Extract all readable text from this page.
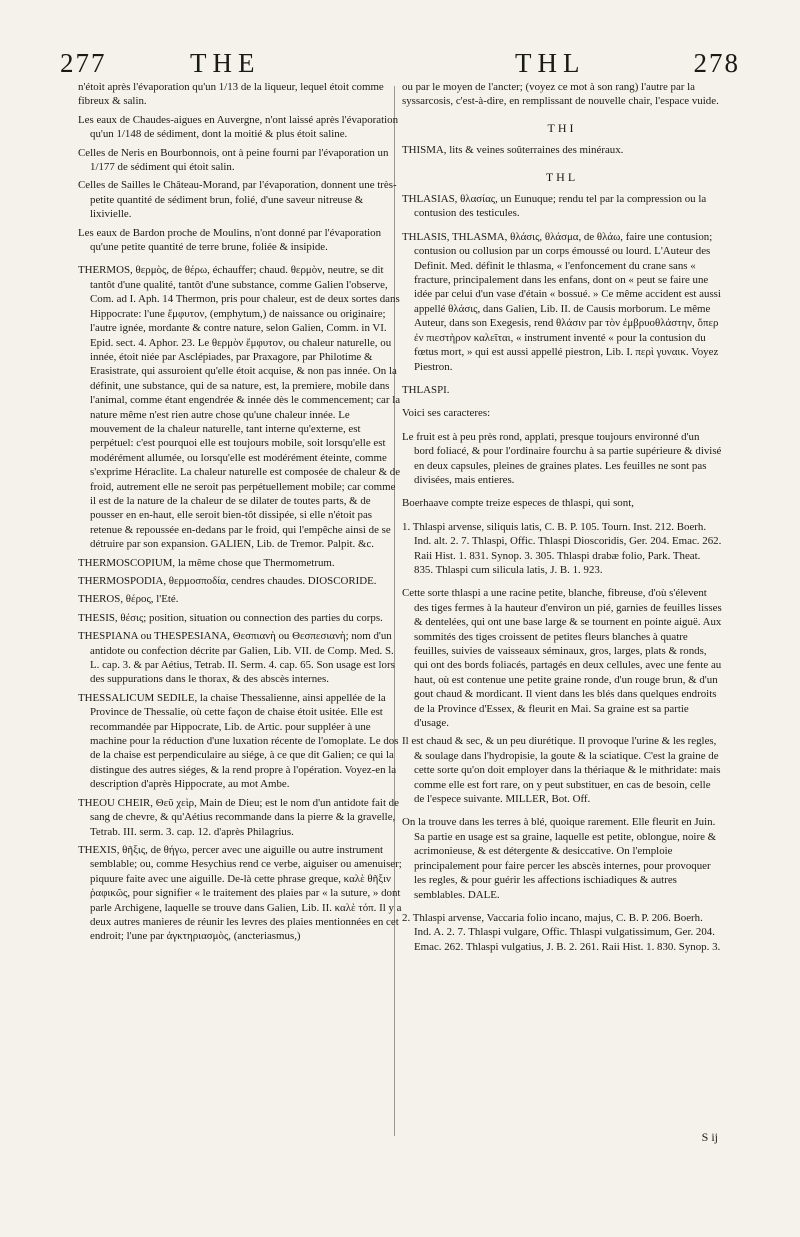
277	THE	THL	278

n'étoit après l'évaporation qu'un 1/13 de la liqueur, lequel étoit comme fibreux & salin.

Les eaux de Chaudes-aigues en Auvergne, n'ont laissé après l'évaporation qu'un 1/148 de sédiment, dont la moitié & plus étoit saline.

Celles de Neris en Bourbonnois, ont à peine fourni par l'évaporation un 1/177 de sédiment qui étoit salin.

Celles de Sailles le Château-Morand, par l'évaporation, donnent une très-petite quantité de sédiment brun, folié, d'une saveur nitreuse & lixivielle.

Les eaux de Bardon proche de Moulins, n'ont donné par l'évaporation qu'une petite quantité de terre brune, foliée & insipide.

THERMOS, θερμὸς, de θέρω, échauffer; chaud. θερμὸν, neutre, se dit tantôt d'une qualité, tantôt d'une substance, comme Galien l'observe, Com. ad I. Aph. 14 Thermon, pris pour chaleur, est de deux sortes dans Hippocrate: l'une ἔμφυτον, (emphytum,) de naissance ou originaire; l'autre ignée, mordante & contre nature, selon Galien, Comm. in VI. Epid. sect. 4. Aphor. 23. Le θερμὸν ἔμφυτον, ou chaleur naturelle, ou innée, étoit niée par Asclépiades, par Praxagore, par Philotime & Erasistrate, qui assuroient qu'elle étoit acquise, & non pas innée. On la définit, une substance, qui de sa nature, est, la premiere, mobile dans l'animal, comme étant engendrée & innée dès le commencement; car la nature même n'est rien autre chose qu'une chaleur innée. Le mouvement de la chaleur naturelle, tant interne qu'externe, est perpétuel: c'est pourquoi elle est toujours mobile, soit lorsqu'elle est modérément allumée, ou lorsqu'elle est modérément éteinte, comme s'exprime Héraclite. La chaleur naturelle est composée de chaleur & de froid, autrement elle ne seroit pas perpétuellement mobile; car comme il est de la nature de la chaleur de se dilater de toutes parts, & de pousser en en-haut, elle seroit bien-tôt dissipée, si elle n'étoit pas retenue & repoussée en-dedans par le froid, qui l'empêche ainsi de se détruire par son expansion. GALIEN, Lib. de Tremor. Palpit. &c.

THERMOSCOPIUM, la même chose que Thermometrum.

THERMOSPODIA, θερμοσποδία, cendres chaudes. DIOSCORIDE.

THEROS, θέρος, l'Eté.

THESIS, θέσις; position, situation ou connection des parties du corps.

THESPIANA ou THESPESIANA, Θεσπιανὴ ou Θεσπεσιανὴ; nom d'un antidote ou confection décrite par Galien, Lib. VII. de Comp. Med. S. L. cap. 3. & par Aétius, Tetrab. II. Serm. 4. cap. 65. Son usage est lors des suppurations dans le thorax, & des abscès internes.

THESSALICUM SEDILE, la chaise Thessalienne, ainsi appellée de la Province de Thessalie, où cette façon de chaise étoit usitée. Elle est recommandée par Hippocrate, Lib. de Artic. pour suppléer à une machine pour la réduction d'une luxation récente de l'omoplate. Le dos de la chaise est perpendiculaire au siége, à ce que dit Galien; ce qui la distingue des autres siéges, & la rend propre à l'opération. Voyez-en la description d'après Hippocrate, au mot Ambe.

THEOU CHEIR, Θεῦ χεὶρ, Main de Dieu; est le nom d'un antidote fait de sang de chevre, & qu'Aétius recommande dans la pierre & la gravelle, Tetrab. III. serm. 3. cap. 12. d'après Philagrius.

THEXIS, θῆξις, de θήγω, percer avec une aiguille ou autre instrument semblable; ou, comme Hesychius rend ce verbe, aiguiser ou amenuiser; piquure faite avec une aiguille. De-là cette phrase greque, καλὲ θῆξιν ῥαφικῶς, pour signifier « le traitement des plaies par « la suture, » dont parle Archigene, laquelle se trouve dans Galien, Lib. II. καλὲ τόπ. Il y a deux autres manieres de réunir les levres des plaies mentionnées en cet endroit; l'une par ἀγκτηριασμὸς, (ancteriasmus,)

ou par le moyen de l'ancter; (voyez ce mot à son rang) l'autre par la syssarcosis, c'est-à-dire, en remplissant de nouvelle chair, l'espace vuide.

THI

THISMA, lits & veines soûterraines des minéraux.

THL

THLASIAS, θλασίας, un Eunuque; rendu tel par la compression ou la contusion des testicules.

THLASIS, THLASMA, θλάσις, θλάσμα, de θλάω, faire une contusion; contusion ou collusion par un corps émoussé ou lourd. L'Auteur des Definit. Med. définit le thlasma, « l'enfoncement du crane sans « fracture, principalement dans les enfans, dont on « peut se faire une idée par celui d'un vase d'étain « bossué. » Ce même accident est aussi appellé θλάσις, dans Galien, Lib. II. de Causis morborum. Le même Auteur, dans son Exegesis, rend θλάσιν par τὸν ἐμβρυοθλάστην, ὅπερ ἐν πιεστὴρον καλεῖται, « instrument inventé « pour la contusion du fœtus mort, » qui est aussi appellé piestron, Lib. I. περὶ γυναικ. Voyez Piestron.

THLASPI.

Voici ses caracteres:

Le fruit est à peu près rond, applati, presque toujours environné d'un bord foliacé, & pour l'ordinaire fourchu à sa partie supérieure & divisé en deux capsules, pleines de graines plates. Les feuilles ne sont pas divisées, mais entieres.

Boerhaave compte treize especes de thlaspi, qui sont,

1. Thlaspi arvense, siliquis latis, C. B. P. 105. Tourn. Inst. 212. Boerh. Ind. alt. 2. 7. Thlaspi, Offic. Thlaspi Dioscoridis, Ger. 204. Emac. 262. Raii Hist. 1. 831. Synop. 3. 305. Thlaspi drabæ folio, Park. Theat. 835. Thlaspi cum silicula latis, J. B. 1. 923.

Cette sorte thlaspi a une racine petite, blanche, fibreuse, d'où s'élevent des tiges fermes à la hauteur d'environ un pié, garnies de feuilles lisses & dentelées, qui ont une base large & se tournent en pointe aiguë. Aux sommités des tiges croissent de petites fleurs blanches à quatre feuilles, suivies de vaisseaux séminaux, gros, larges, plats & ronds, qui ont des bords foliacés, partagés en deux cellules, avec une fente au haut, où est contenue une petite graine ronde, d'un rouge brun, & d'un gout chaud & mordicant. Il vient dans les blés dans quelques endroits de la Province d'Essex, & fleurit en Mai. Sa graine est sa partie d'usage.

Il est chaud & sec, & un peu diurétique. Il provoque l'urine & les regles, & soulage dans l'hydropisie, la goute & la sciatique. C'est la graine de cette sorte qu'on doit employer dans la thériaque & le mithridate: mais comme elle est fort rare, on y peut substituer, en cas de besoin, celle de l'espece suivante. MILLER, Bot. Off.

On la trouve dans les terres à blé, quoique rarement. Elle fleurit en Juin. Sa partie en usage est sa graine, laquelle est petite, oblongue, noire & acrimonieuse, & est détergente & desiccative. On l'emploie principalement pour faire percer les abscès internes, pour provoquer les regles, & pour guérir les affections ischiadiques & autres semblables. DALE.

2. Thlaspi arvense, Vaccaria folio incano, majus, C. B. P. 206. Boerh. Ind. A. 2. 7. Thlaspi vulgare, Offic. Thlaspi vulgatissimum, Ger. 204. Emac. 262. Thlaspi vulgatius, J. B. 2. 261. Raii Hist. 1. 830. Synop. 3.

S ij
